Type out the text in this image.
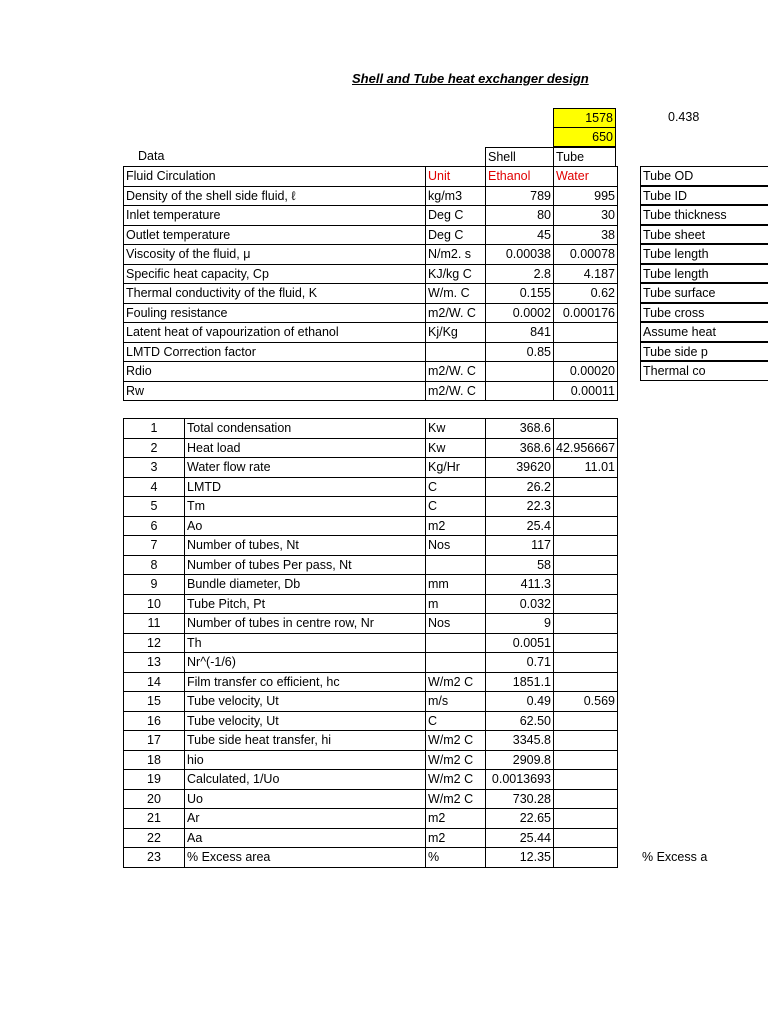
Shell and Tube heat exchanger design
1578
650
0.438
Data	Shell	Tube
Fluid Circulation	Unit	Ethanol	Water
Density of the shell side fluid, ℓ	kg/m3	789	995
Inlet temperature	Deg C	80	30
Outlet temperature	Deg C	45	38
Viscosity of the fluid, μ	N/m2. s	0.00038	0.00078
Specific heat capacity, Cp	KJ/kg C	2.8	4.187
Thermal conductivity of the fluid, K	W/m. C	0.155	0.62
Fouling resistance	m2/W. C	0.0002	0.000176
Latent heat of vapourization of ethanol	Kj/Kg	841	
LMTD Correction factor		0.85	
Rdio	m2/W. C		0.00020
Rw	m2/W. C		0.00011
Tube OD
Tube ID
Tube thickness
Tube sheet
Tube length
Tube length
Tube surface
Tube cross
Assume heat
Tube side p
Thermal co
1	Total condensation	Kw	368.6	
2	Heat load	Kw	368.6	42.956667
3	Water flow rate	Kg/Hr	39620	11.01
4	LMTD	C	26.2	
5	Tm	C	22.3	
6	Ao	m2	25.4	
7	Number of tubes, Nt	Nos	117	
8	Number of tubes Per pass, Nt		58	
9	Bundle diameter, Db	mm	411.3	
10	Tube Pitch, Pt	m	0.032	
11	Number of tubes in centre row, Nr	Nos	9	
12	Th		0.0051	
13	Nr^(-1/6)		0.71	
14	Film transfer co efficient, hc	W/m2 C	1851.1	
15	Tube velocity, Ut	m/s	0.49	0.569
16	Tube velocity, Ut	C	62.50	
17	Tube side heat transfer, hi	W/m2 C	3345.8	
18	hio	W/m2 C	2909.8	
19	Calculated, 1/Uo	W/m2 C	0.0013693	
20	Uo	W/m2 C	730.28	
21	Ar	m2	22.65	
22	Aa	m2	25.44	
23	% Excess area	%	12.35		% Excess a
